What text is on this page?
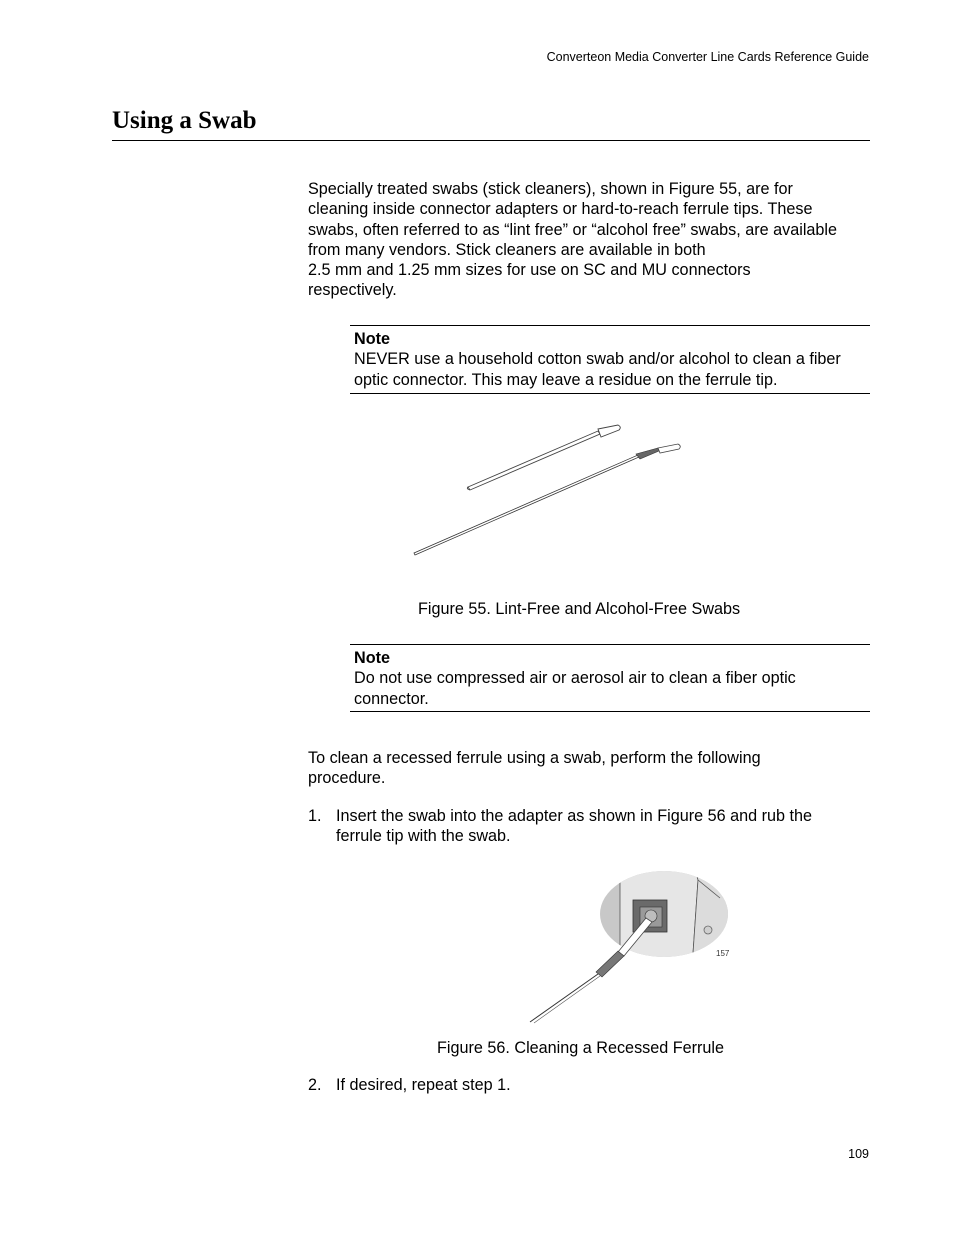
Converteon Media Converter Line Cards Reference Guide
Using a Swab

Specially treated swabs (stick cleaners), shown in Figure 55, are for

cleaning inside connector adapters or hard-to-reach ferrule tips. These

swabs, often referred to as “lint free” or “alcohol free” swabs, are available

from many vendors. Stick cleaners are available in both

2.5 mm and 1.25 mm sizes for use on SC and MU connectors

respectively.

Note
NEVER use a household cotton swab and/or alcohol to clean a fiber
optic connector. This may leave a residue on the ferrule tip.
Figure 55. Lint-Free and Alcohol-Free Swabs
Note
Do not use compressed air or aerosol air to clean a fiber optic
connector.

To clean a recessed ferrule using a swab, perform the following

procedure.

1. Insert the swab into the adapter as shown in Figure 56 and rub the
ferrule tip with the swab.
157
Figure 56. Cleaning a Recessed Ferrule
2. If desired, repeat step 1.
109
